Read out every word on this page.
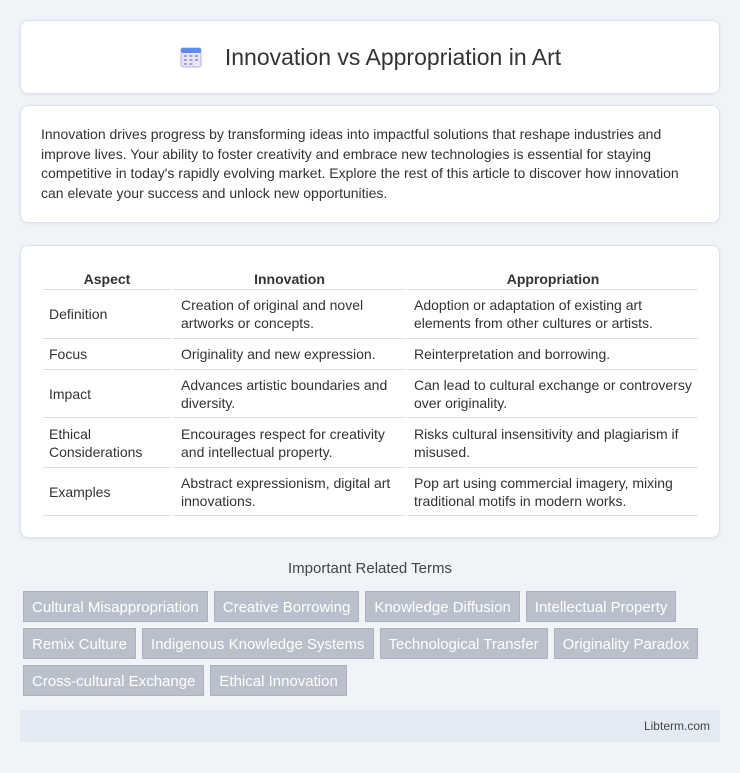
Innovation vs Appropriation in Art

Innovation drives progress by transforming ideas into impactful solutions that reshape industries and improve lives. Your ability to foster creativity and embrace new technologies is essential for staying competitive in today's rapidly evolving market. Explore the rest of this article to discover how innovation can elevate your success and unlock new opportunities.

Aspect	Innovation	Appropriation
Definition	Creation of original and novel artworks or concepts.	Adoption or adaptation of existing art elements from other cultures or artists.
Focus	Originality and new expression.	Reinterpretation and borrowing.
Impact	Advances artistic boundaries and diversity.	Can lead to cultural exchange or controversy over originality.
Ethical Considerations	Encourages respect for creativity and intellectual property.	Risks cultural insensitivity and plagiarism if misused.
Examples	Abstract expressionism, digital art innovations.	Pop art using commercial imagery, mixing traditional motifs in modern works.
Important Related Terms
Cultural Misappropriation	Creative Borrowing	Knowledge Diffusion	Intellectual Property
Remix Culture	Indigenous Knowledge Systems	Technological Transfer	Originality Paradox
Cross-cultural Exchange	Ethical Innovation
Libterm.com
